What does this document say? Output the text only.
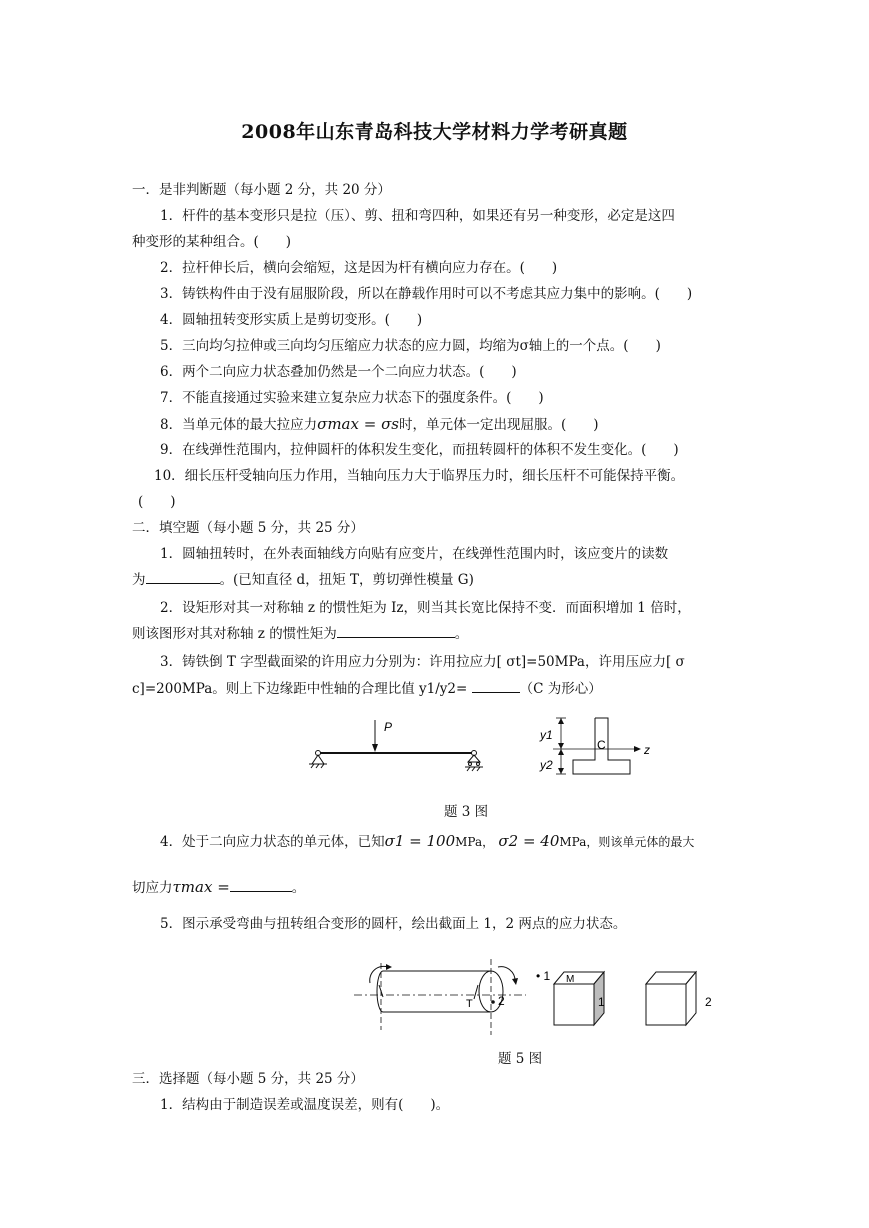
2008年山东青岛科技大学材料力学考研真题
一．是非判断题（每小题 2 分，共 20 分）
1．杆件的基本变形只是拉（压）、剪、扭和弯四种，如果还有另一种变形，必定是这四
种变形的某种组合。(　　)
2．拉杆伸长后，横向会缩短，这是因为杆有横向应力存在。(　　)
3．铸铁构件由于没有屈服阶段，所以在静载作用时可以不考虑其应力集中的影响。(　　)
4．圆轴扭转变形实质上是剪切变形。(　　)
5．三向均匀拉伸或三向均匀压缩应力状态的应力圆，均缩为σ轴上的一个点。(　　)
6．两个二向应力状态叠加仍然是一个二向应力状态。(　　)
7．不能直接通过实验来建立复杂应力状态下的强度条件。(　　)
8．当单元体的最大拉应力σmax = σs时，单元体一定出现屈服。(　　)
9．在线弹性范围内，拉伸圆杆的体积发生变化，而扭转圆杆的体积不发生变化。(　　)
10．细长压杆受轴向压力作用，当轴向压力大于临界压力时，细长压杆不可能保持平衡。
(　　)
二．填空题（每小题 5 分，共 25 分）
1．圆轴扭转时，在外表面轴线方向贴有应变片，在线弹性范围内时，该应变片的读数
为	。(已知直径 d，扭矩 T，剪切弹性模量 G)
2．设矩形对其一对称轴 z 的惯性矩为 Iz，则当其长宽比保持不变．而面积增加 1 倍时，
则该图形对其对称轴 z 的惯性矩为	。
3．铸铁倒 T 字型截面梁的许用应力分别为：许用拉应力[ σt]=50MPa，许用压应力[ σ
c]=200MPa。则上下边缘距中性轴的合理比值 y1/y2=	（C 为形心）
P
y1
y2
C	z
题 3 图
4．处于二向应力状态的单元体，已知σ1 = 100MPa， σ2 = 40MPa，则该单元体的最大
切应力τmax =	。
5．图示承受弯曲与扭转组合变形的圆杆，绘出截面上 1，2 两点的应力状态。
T 2
• 1 M
1	2
题 5 图
三．选择题（每小题 5 分，共 25 分）
1．结构由于制造误差或温度误差，则有(　　)。
